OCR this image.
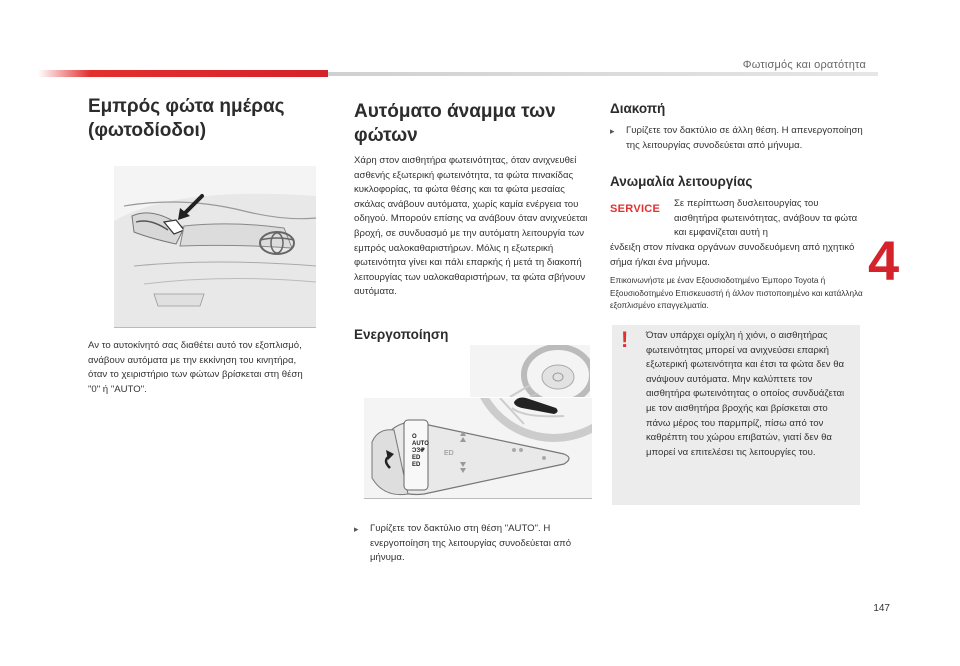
Φωτισμός και ορατότητα
4
147
Εμπρός φώτα ημέρας
(φωτοδίοδοι)

Αν το αυτοκίνητό σας διαθέτει αυτό τον εξοπλισμό, ανάβουν αυτόματα με την εκκίνηση του κινητήρα, όταν το χειριστήριο των φώτων βρίσκεται στη θέση "0" ή "AUTO".

Αυτόματο άναμμα των
φώτων

Χάρη στον αισθητήρα φωτεινότητας, όταν ανιχνευθεί ασθενής εξωτερική φωτεινότητα, τα φώτα πινακίδας κυκλοφορίας, τα φώτα θέσης και τα φώτα μεσαίας σκάλας ανάβουν αυτόματα, χωρίς καμία ενέργεια του οδηγού. Μπορούν επίσης να ανάβουν όταν ανιχνεύεται βροχή, σε συνδυασμό με την αυτόματη λειτουργία των εμπρός υαλοκαθαριστήρων. Μόλις η εξωτερική φωτεινότητα γίνει και πάλι επαρκής ή μετά τη διακοπή λειτουργίας των υαλοκαθαριστήρων, τα φώτα σβήνουν αυτόματα.

Ενεργοποίηση
O
AUTO
ϽϿ₽
ЕD
ЕD
ЕD
▸	Γυρίζετε τον δακτύλιο στη θέση "AUTO". Η ενεργοποίηση της λειτουργίας συνοδεύεται από μήνυμα.

Διακοπή
▸	Γυρίζετε τον δακτύλιο σε άλλη θέση. Η απενεργοποίηση της λειτουργίας συνοδεύεται από μήνυμα.

Ανωμαλία λειτουργίας
SERVICE	Σε περίπτωση δυσλειτουργίας του αισθητήρα φωτεινότητας, ανάβουν τα φώτα και εμφανίζεται αυτή η

ένδειξη στον πίνακα οργάνων συνοδευόμενη από ηχητικό σήμα ή/και ένα μήνυμα.

Επικοινωνήστε με έναν Εξουσιοδοτημένο Έμπορο Toyota ή Εξουσιοδοτημένο Επισκευαστή ή άλλον πιστοποιημένο και κατάλληλα εξοπλισμένο επαγγελματία.

! Όταν υπάρχει ομίχλη ή χιόνι, ο αισθητήρας φωτεινότητας μπορεί να ανιχνεύσει επαρκή εξωτερική φωτεινότητα και έτσι τα φώτα δεν θα ανάψουν αυτόματα. Μην καλύπτετε τον αισθητήρα φωτεινότητας ο οποίος συνδυάζεται με τον αισθητήρα βροχής και βρίσκεται στο πάνω μέρος του παρμπρίζ, πίσω από τον καθρέπτη του χώρου επιβατών, γιατί δεν θα μπορεί να επιτελέσει τις λειτουργίες του.
